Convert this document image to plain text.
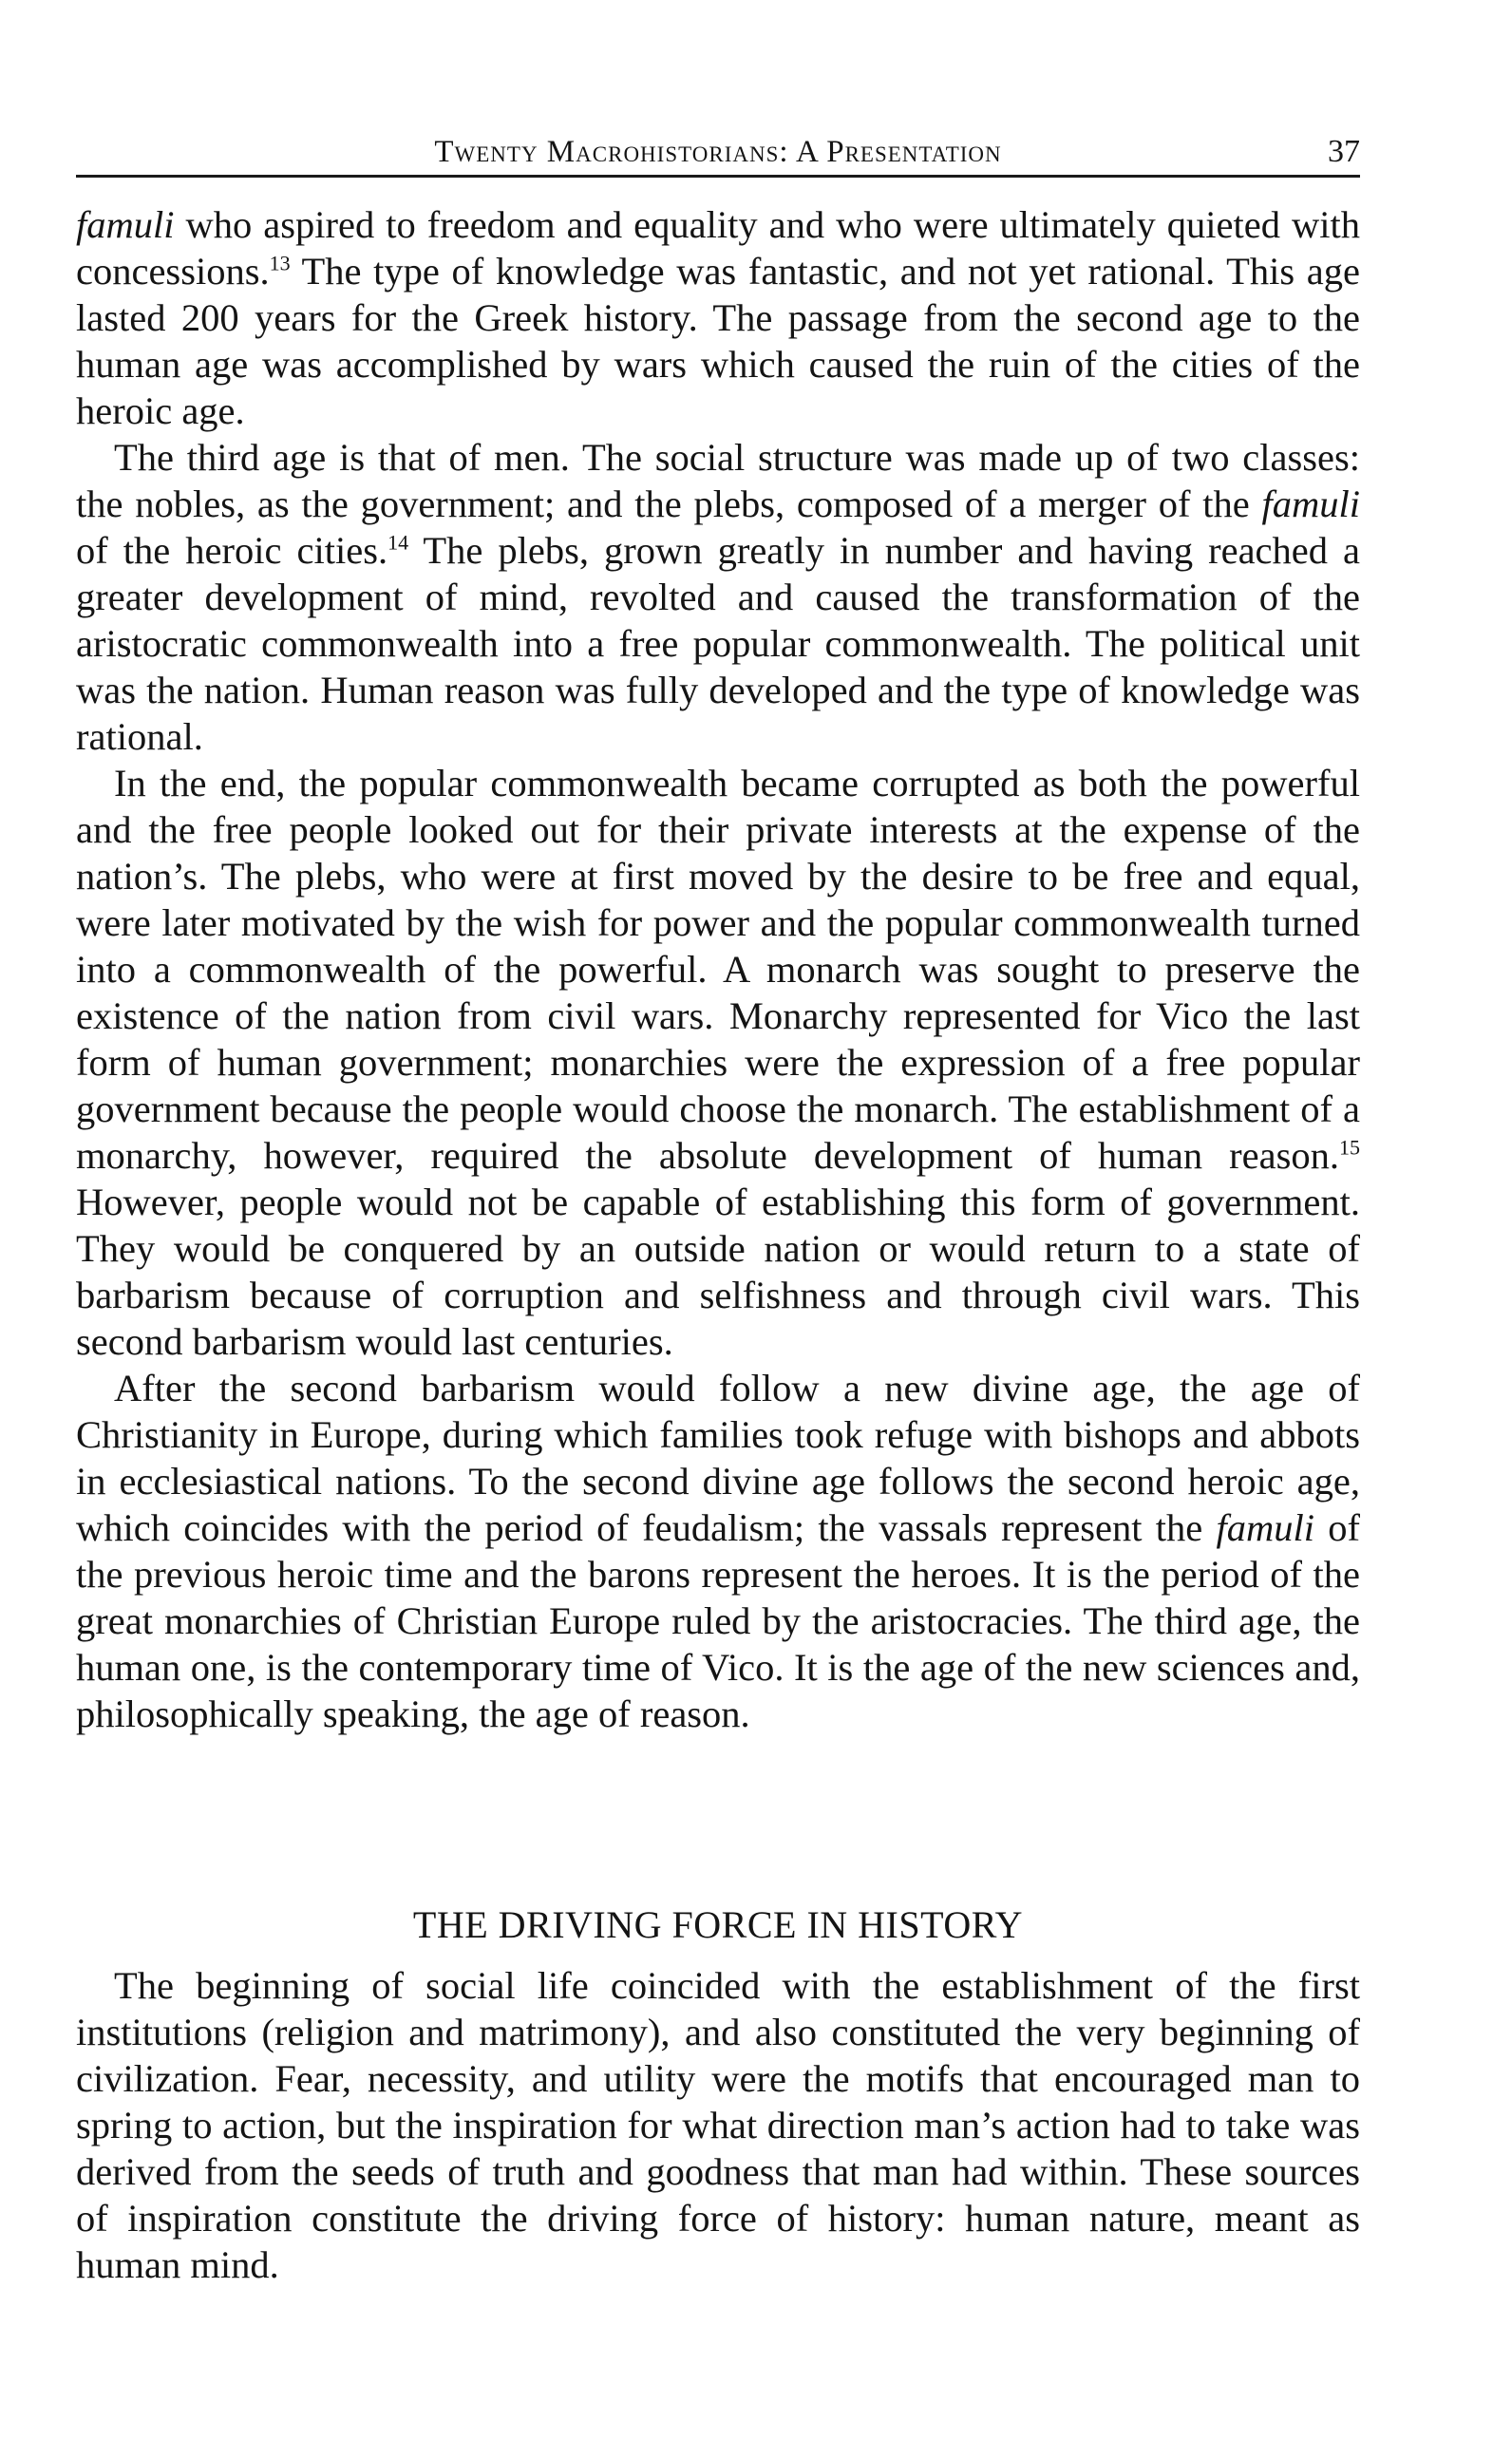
Twenty Macrohistorians: A Presentation	37

famuli who aspired to freedom and equality and who were ultimately quieted with concessions.$^{13}$ The type of knowledge was fantastic, and not yet rational. This age lasted 200 years for the Greek history. The passage from the second age to the human age was accomplished by wars which caused the ruin of the cities of the heroic age.

The third age is that of men. The social structure was made up of two classes: the nobles, as the government; and the plebs, composed of a merger of the famuli of the heroic cities.$^{14}$ The plebs, grown greatly in number and having reached a greater development of mind, revolted and caused the transformation of the aristocratic commonwealth into a free popular commonwealth. The political unit was the nation. Human reason was fully developed and the type of knowledge was rational.

In the end, the popular commonwealth became corrupted as both the powerful and the free people looked out for their private interests at the expense of the nation’s. The plebs, who were at first moved by the desire to be free and equal, were later motivated by the wish for power and the popular commonwealth turned into a commonwealth of the powerful. A monarch was sought to preserve the existence of the nation from civil wars. Monarchy represented for Vico the last form of human government; monarchies were the expression of a free popular government because the people would choose the monarch. The establishment of a monarchy, however, required the absolute development of human reason.$^{15}$ However, people would not be capable of establishing this form of government. They would be conquered by an outside nation or would return to a state of barbarism because of corruption and selfishness and through civil wars. This second barbarism would last centuries.

After the second barbarism would follow a new divine age, the age of Christianity in Europe, during which families took refuge with bishops and abbots in ecclesiastical nations. To the second divine age follows the second heroic age, which coincides with the period of feudalism; the vassals represent the famuli of the previous heroic time and the barons represent the heroes. It is the period of the great monarchies of Christian Europe ruled by the aristocracies. The third age, the human one, is the contemporary time of Vico. It is the age of the new sciences and, philosophically speaking, the age of reason.

THE DRIVING FORCE IN HISTORY

The beginning of social life coincided with the establishment of the first institutions (religion and matrimony), and also constituted the very beginning of civilization. Fear, necessity, and utility were the motifs that encouraged man to spring to action, but the inspiration for what direction man’s action had to take was derived from the seeds of truth and goodness that man had within. These sources of inspiration constitute the driving force of history: human nature, meant as human mind.
